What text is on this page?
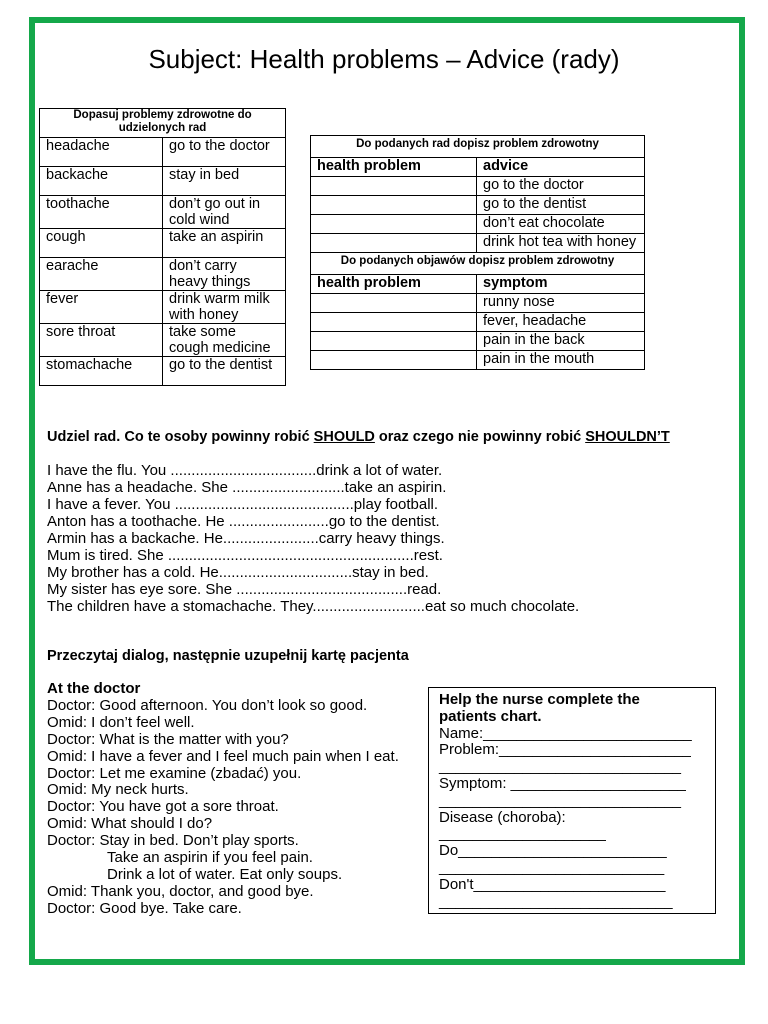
Subject: Health problems – Advice (rady)
Dopasuj problemy zdrowotne do udzielonych rad	
headache	go to the doctor
backache	stay in bed
toothache	don’t go out in cold wind
cough	take an aspirin
earache	don’t carry heavy things
fever	drink warm milk with honey
sore throat	take some cough medicine
stomachache	go to the dentist
Do podanych rad dopisz problem zdrowotny	
health problem	advice
	go to the doctor
	go to the dentist
	don’t eat chocolate
	drink hot tea with honey
Do podanych objawów dopisz problem zdrowotny	
health problem	symptom
	runny nose
	fever, headache
	pain in the back
	pain in the mouth
Udziel rad. Co te osoby powinny robić SHOULD oraz czego nie powinny robić SHOULDN’T
I have the flu. You ...................................drink a lot of water.
Anne has a headache. She ...........................take an aspirin.
I have a fever. You ...........................................play football.
Anton has a toothache. He ........................go to the dentist.
Armin has a backache. He.......................carry heavy things.
Mum is tired. She ...........................................................rest.
My brother has a cold. He................................stay in bed.
My sister has eye sore. She .........................................read.
The children have a stomachache. They...........................eat so much chocolate.
Przeczytaj dialog, następnie uzupełnij kartę pacjenta
At the doctor
Doctor: Good afternoon. You don’t look so good.
Omid: I don’t feel well.
Doctor: What is the matter with you?
Omid: I have a fever and I feel much pain when I eat.
Doctor: Let me examine (zbadać) you.
Omid: My neck hurts.
Doctor: You have got a sore throat.
Omid: What should I do?
Doctor: Stay in bed. Don’t play sports.
Take an aspirin if you feel pain.
Drink a lot of water. Eat only soups.
Omid: Thank you, doctor, and good bye.
Doctor: Good bye. Take care.
Help the nurse complete the
patients chart.
Name:_________________________
Problem:_______________________
_____________________________
Symptom: _____________________
_____________________________
Disease (choroba):
____________________
Do_________________________
___________________________
Don't_______________________
____________________________
